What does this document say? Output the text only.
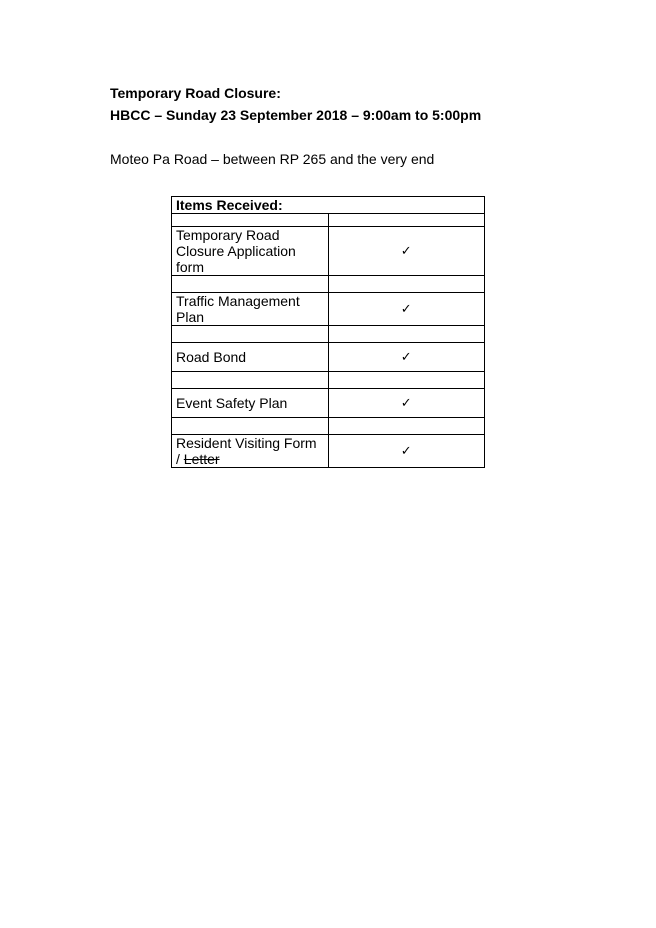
Temporary Road Closure:
HBCC – Sunday 23 September 2018 – 9:00am to 5:00pm
Moteo Pa Road – between RP 265 and the very end
Items Received:	

Temporary Road Closure Application form	✓

Traffic Management Plan	✓

Road Bond	✓

Event Safety Plan	✓

Resident Visiting Form / Letter	✓
